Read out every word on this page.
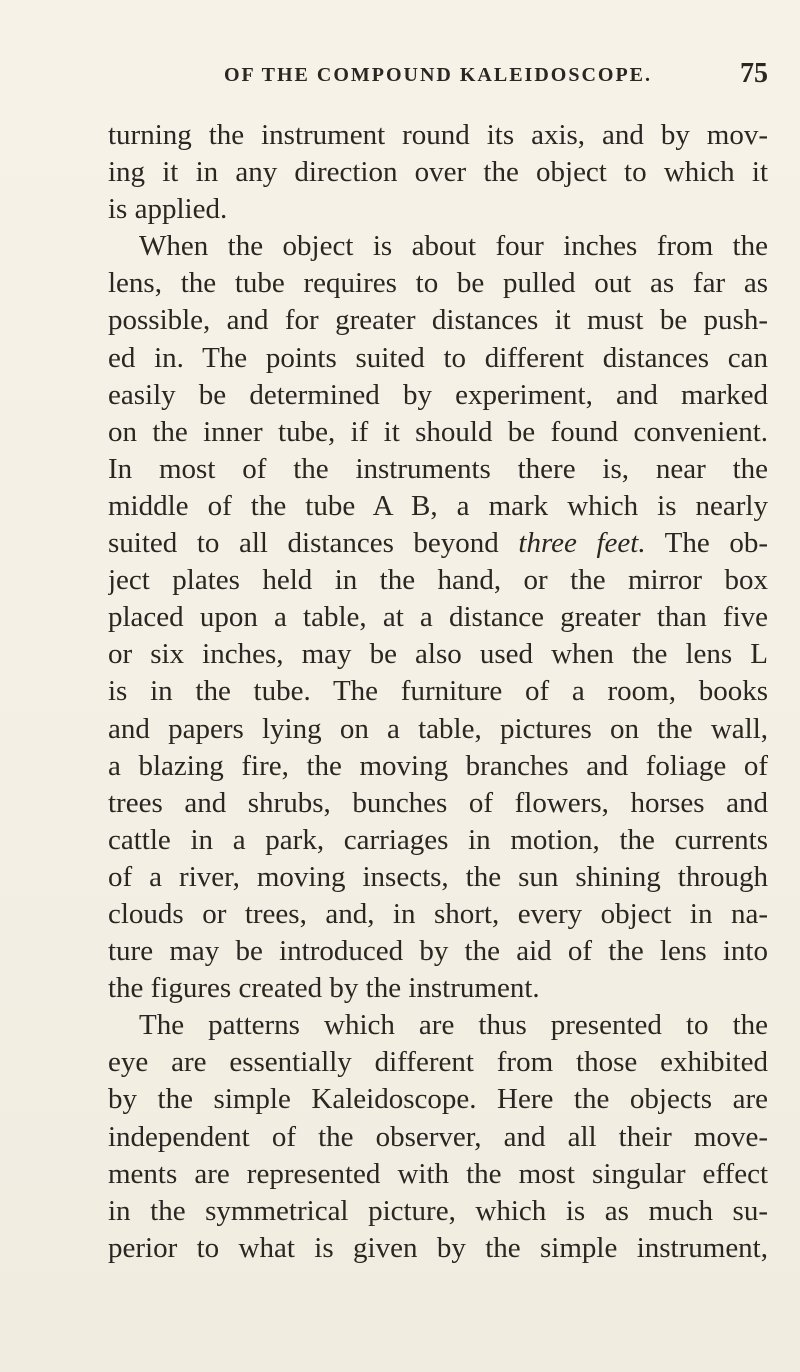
OF THE COMPOUND KALEIDOSCOPE.	75
turning the instrument round its axis, and by mov-
ing it in any direction over the object to which it
is applied.
When the object is about four inches from the
lens, the tube requires to be pulled out as far as
possible, and for greater distances it must be push-
ed in. The points suited to different distances can
easily be determined by experiment, and marked
on the inner tube, if it should be found convenient.
In most of the instruments there is, near the
middle of the tube A B, a mark which is nearly
suited to all distances beyond three feet. The ob-
ject plates held in the hand, or the mirror box
placed upon a table, at a distance greater than five
or six inches, may be also used when the lens L
is in the tube. The furniture of a room, books
and papers lying on a table, pictures on the wall,
a blazing fire, the moving branches and foliage of
trees and shrubs, bunches of flowers, horses and
cattle in a park, carriages in motion, the currents
of a river, moving insects, the sun shining through
clouds or trees, and, in short, every object in na-
ture may be introduced by the aid of the lens into
the figures created by the instrument.
The patterns which are thus presented to the
eye are essentially different from those exhibited
by the simple Kaleidoscope. Here the objects are
independent of the observer, and all their move-
ments are represented with the most singular effect
in the symmetrical picture, which is as much su-
perior to what is given by the simple instrument,
